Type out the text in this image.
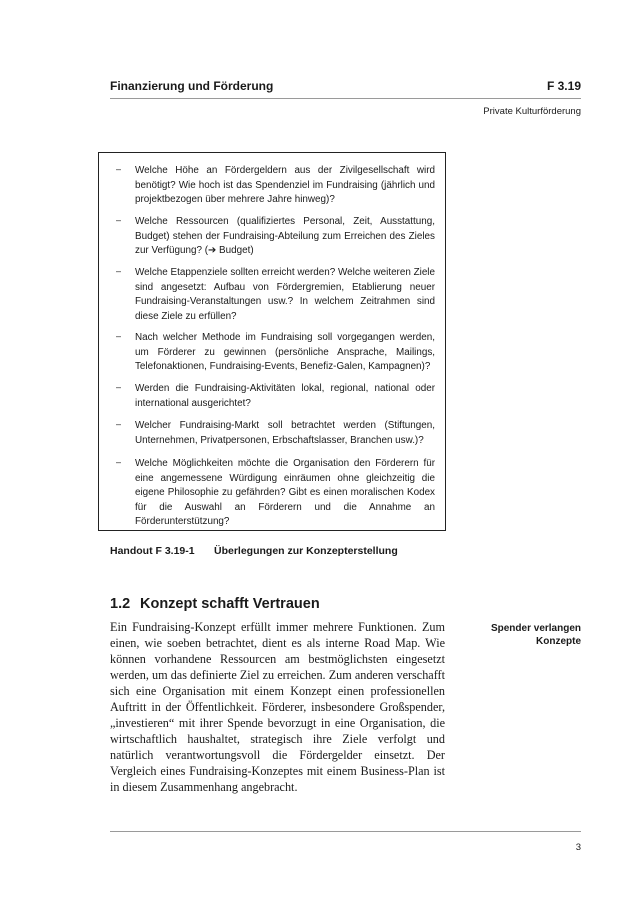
Finanzierung und Förderung	F 3.19
Private Kulturförderung
– Welche Höhe an Fördergeldern aus der Zivilgesellschaft wird benötigt? Wie hoch ist das Spendenziel im Fundraising (jährlich und projektbezogen über mehrere Jahre hinweg)?
– Welche Ressourcen (qualifiziertes Personal, Zeit, Ausstattung, Budget) stehen der Fundraising-Abteilung zum Erreichen des Zieles zur Verfügung? (➔ Budget)
– Welche Etappenziele sollten erreicht werden? Welche weiteren Ziele sind angesetzt: Aufbau von Fördergremien, Etablierung neuer Fundraising-Veranstaltungen usw.? In welchem Zeitrahmen sind diese Ziele zu erfüllen?
– Nach welcher Methode im Fundraising soll vorgegangen werden, um Förderer zu gewinnen (persönliche Ansprache, Mailings, Telefonaktionen, Fundraising-Events, Benefiz-Galen, Kampagnen)?
– Werden die Fundraising-Aktivitäten lokal, regional, national oder international ausgerichtet?
– Welcher Fundraising-Markt soll betrachtet werden (Stiftungen, Unternehmen, Privatpersonen, Erbschaftslasser, Branchen usw.)?
– Welche Möglichkeiten möchte die Organisation den Förderern für eine angemessene Würdigung einräumen ohne gleichzeitig die eigene Philosophie zu gefährden? Gibt es einen moralischen Kodex für die Auswahl an Förderern und die Annahme an Förderunterstützung?
Handout F 3.19-1 Überlegungen zur Konzepterstellung
1.2 Konzept schafft Vertrauen
Ein Fundraising-Konzept erfüllt immer mehrere Funktionen. Zum einen, wie soeben betrachtet, dient es als interne Road Map. Wie können vorhandene Ressourcen am bestmöglichsten eingesetzt werden, um das definierte Ziel zu erreichen. Zum anderen verschafft sich eine Organisation mit einem Konzept einen professionellen Auftritt in der Öffentlichkeit. Förderer, insbesondere Großspender, „investieren“ mit ihrer Spende bevorzugt in eine Organisation, die wirtschaftlich haushaltet, strategisch ihre Ziele verfolgt und natürlich verantwortungsvoll die Fördergelder einsetzt. Der Vergleich eines Fundraising-Konzeptes mit einem Business-Plan ist in diesem Zusammenhang angebracht.
Spender verlangen Konzepte
3
